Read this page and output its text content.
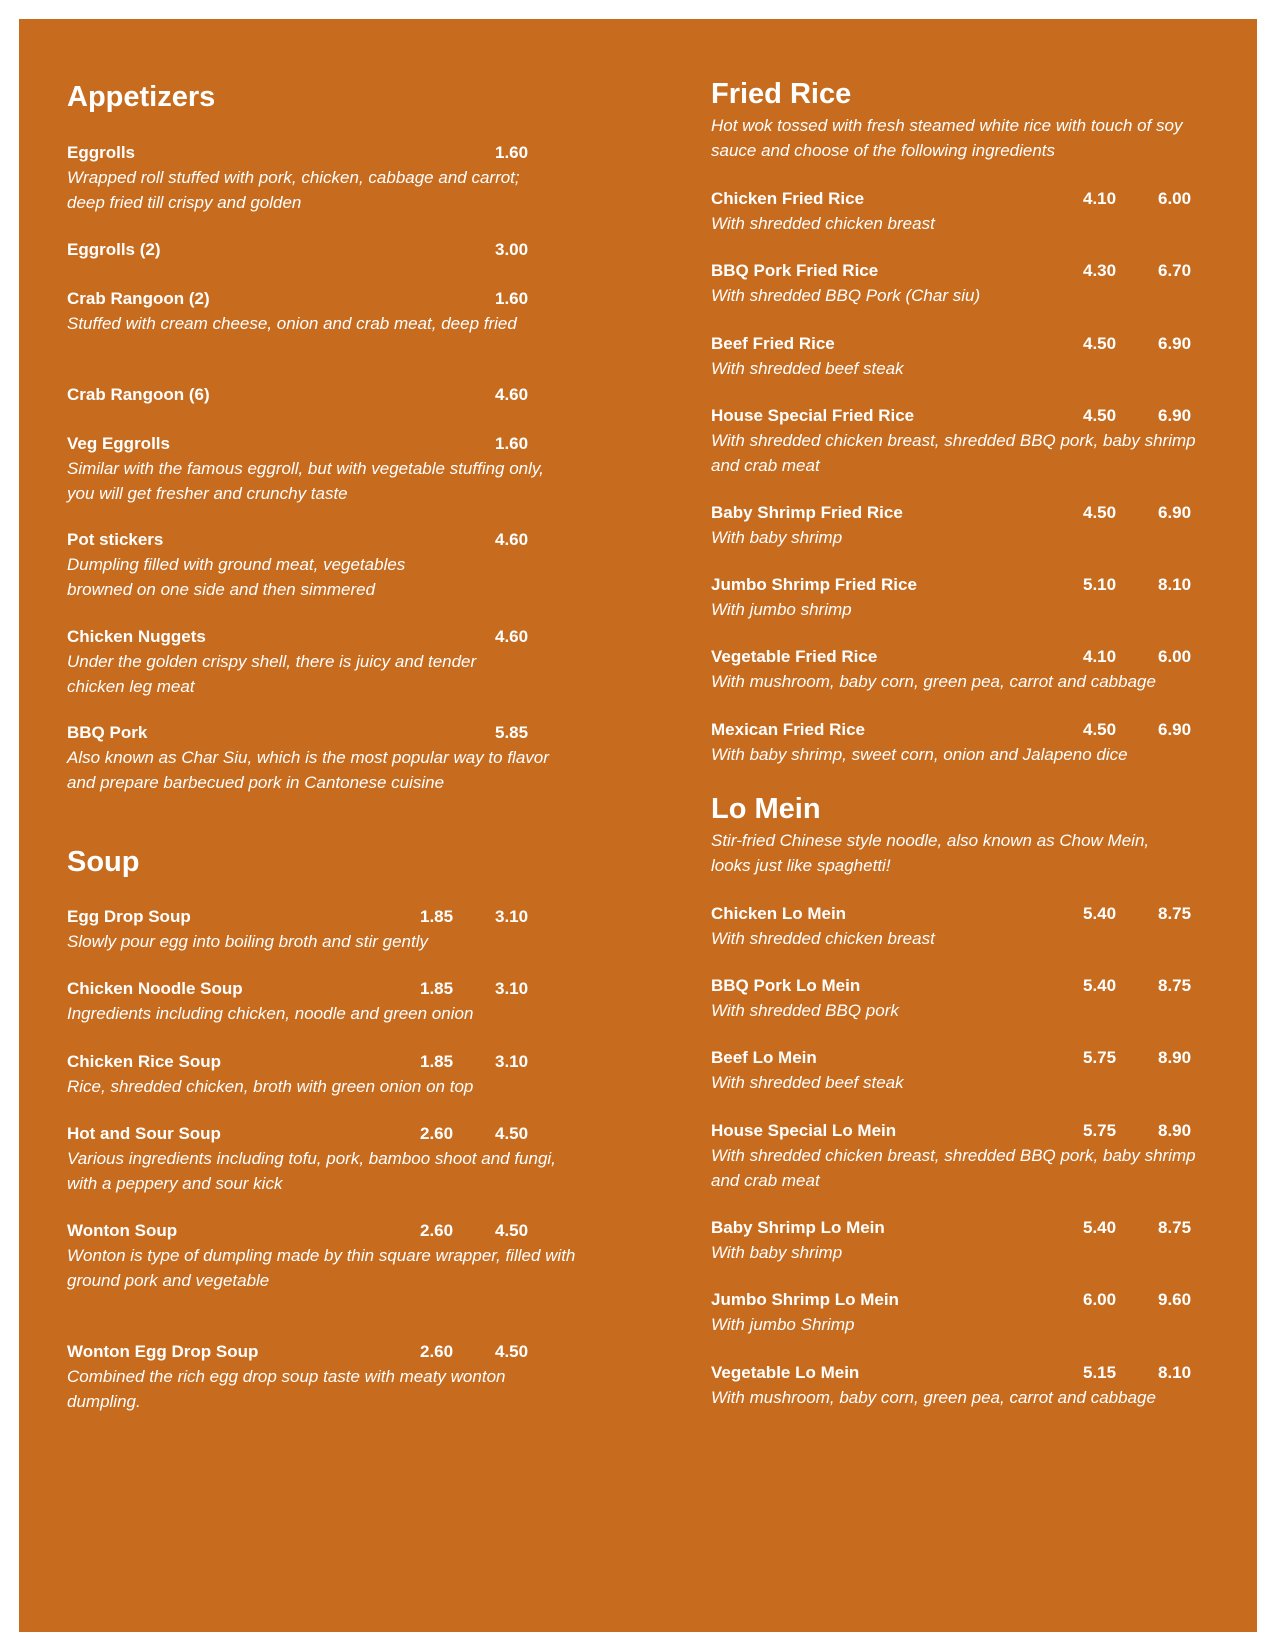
Appetizers
Eggrolls	1.60

Wrapped roll stuffed with pork, chicken, cabbage and carrot; deep fried till crispy and golden

Eggrolls (2)	3.00
Crab Rangoon (2)	1.60

Stuffed with cream cheese, onion and crab meat, deep fried

Crab Rangoon (6)	4.60
Veg Eggrolls	1.60

Similar with the famous eggroll, but with vegetable stuffing only, you will get fresher and crunchy taste

Pot stickers	4.60

Dumpling filled with ground meat, vegetables browned on one side and then simmered

Chicken Nuggets	4.60

Under the golden crispy shell, there is juicy and tender chicken leg meat

BBQ Pork	5.85

Also known as Char Siu, which is the most popular way to flavor and prepare barbecued pork in Cantonese cuisine

Soup
Egg Drop Soup	1.85 3.10

Slowly pour egg into boiling broth and stir gently

Chicken Noodle Soup	1.85 3.10

Ingredients including chicken, noodle and green onion

Chicken Rice Soup	1.85 3.10

Rice, shredded chicken, broth with green onion on top

Hot and Sour Soup	2.60 4.50

Various ingredients including tofu, pork, bamboo shoot and fungi, with a peppery and sour kick

Wonton Soup	2.60 4.50

Wonton is type of dumpling made by thin square wrapper, filled with ground pork and vegetable

Wonton Egg Drop Soup	2.60 4.50

Combined the rich egg drop soup taste with meaty wonton dumpling.

Fried Rice

Hot wok tossed with fresh steamed white rice with touch of soy sauce and choose of the following ingredients

Chicken Fried Rice	4.10 6.00

With shredded chicken breast

BBQ Pork Fried Rice	4.30 6.70

With shredded BBQ Pork (Char siu)

Beef Fried Rice	4.50 6.90

With shredded beef steak

House Special Fried Rice	4.50 6.90

With shredded chicken breast, shredded BBQ pork, baby shrimp and crab meat

Baby Shrimp Fried Rice	4.50 6.90

With baby shrimp

Jumbo Shrimp Fried Rice	5.10 8.10

With jumbo shrimp

Vegetable Fried Rice	4.10 6.00

With mushroom, baby corn, green pea, carrot and cabbage

Mexican Fried Rice	4.50 6.90

With baby shrimp, sweet corn, onion and Jalapeno dice

Lo Mein

Stir-fried Chinese style noodle, also known as Chow Mein, looks just like spaghetti!

Chicken Lo Mein	5.40 8.75

With shredded chicken breast

BBQ Pork Lo Mein	5.40 8.75

With shredded BBQ pork

Beef Lo Mein	5.75 8.90

With shredded beef steak

House Special Lo Mein	5.75 8.90

With shredded chicken breast, shredded BBQ pork, baby shrimp and crab meat

Baby Shrimp Lo Mein	5.40 8.75

With baby shrimp

Jumbo Shrimp Lo Mein	6.00 9.60

With jumbo Shrimp

Vegetable Lo Mein	5.15 8.10

With mushroom, baby corn, green pea, carrot and cabbage
